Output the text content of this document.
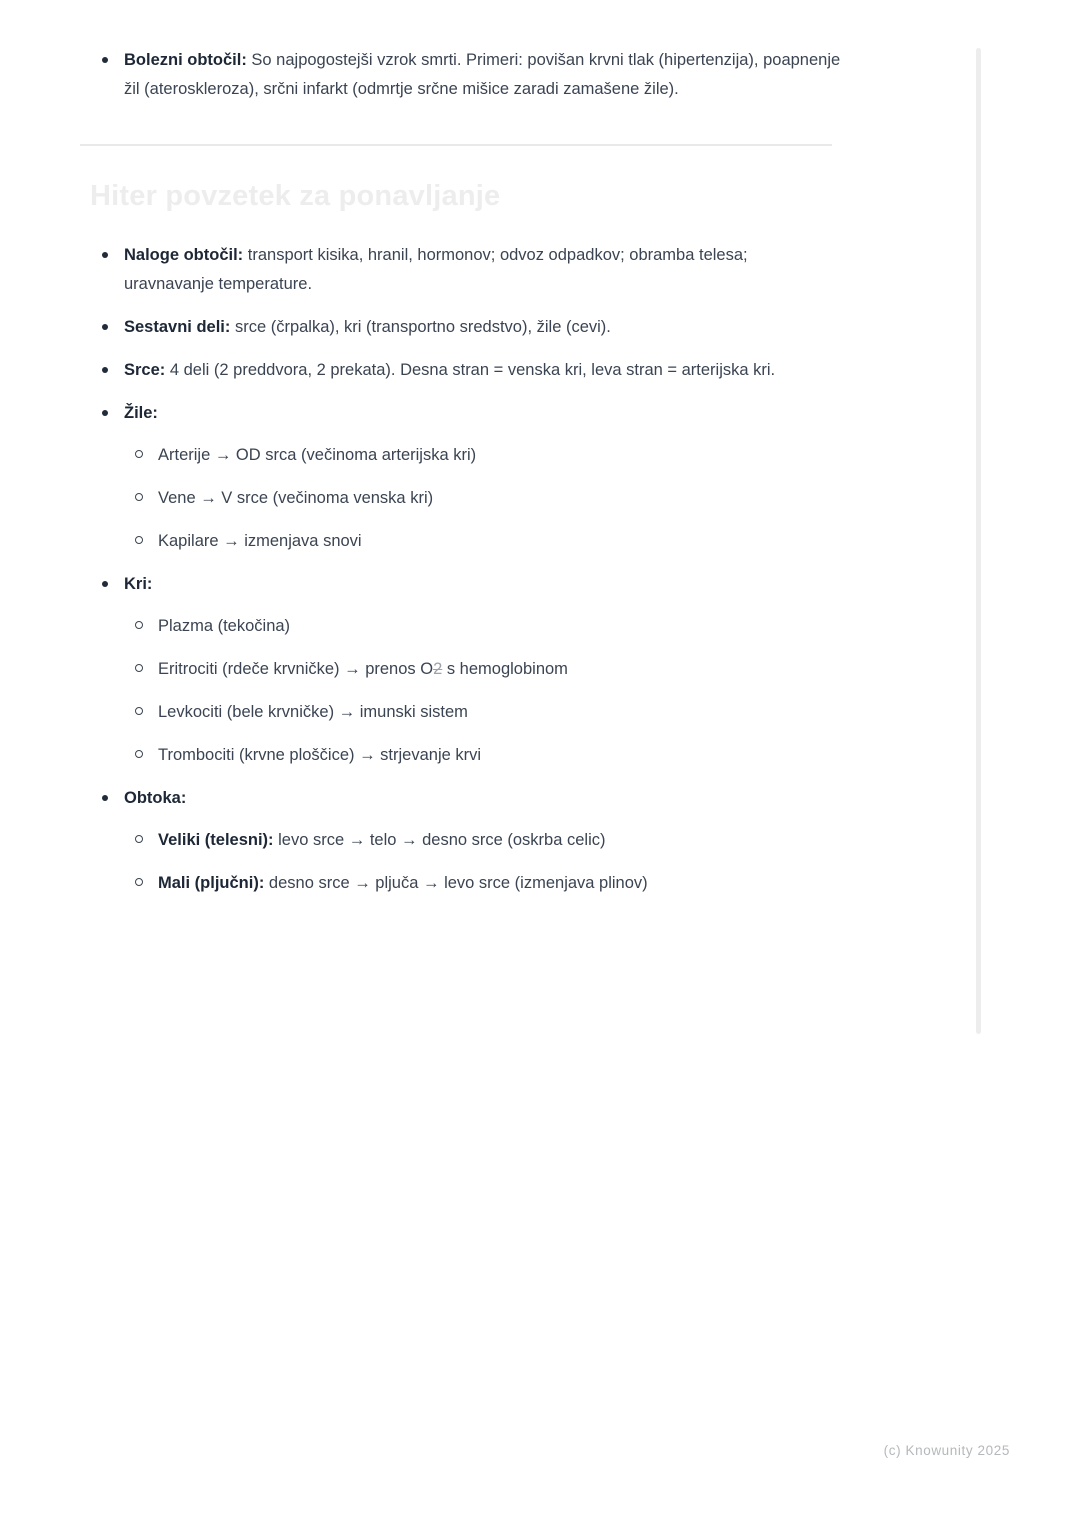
Bolezni obtočil: So najpogostejši vzrok smrti. Primeri: povišan krvni tlak (hipertenzija), poapnenje žil (ateroskleroza), srčni infarkt (odmrtje srčne mišice zaradi zamašene žile).
Hiter povzetek za ponavljanje
Naloge obtočil: transport kisika, hranil, hormonov; odvoz odpadkov; obramba telesa; uravnavanje temperature.
Sestavni deli: srce (črpalka), kri (transportno sredstvo), žile (cevi).
Srce: 4 deli (2 preddvora, 2 prekata). Desna stran = venska kri, leva stran = arterijska kri.
Žile:
Arterije → OD srca (večinoma arterijska kri)
Vene → V srce (večinoma venska kri)
Kapilare → izmenjava snovi
Kri:
Plazma (tekočina)
Eritrociti (rdeče krvničke) → prenos O2 s hemoglobinom
Levkociti (bele krvničke) → imunski sistem
Trombociti (krvne ploščice) → strjevanje krvi
Obtoka:
Veliki (telesni): levo srce → telo → desno srce (oskrba celic)
Mali (pljučni): desno srce → pljuča → levo srce (izmenjava plinov)
(c) Knowunity 2025
